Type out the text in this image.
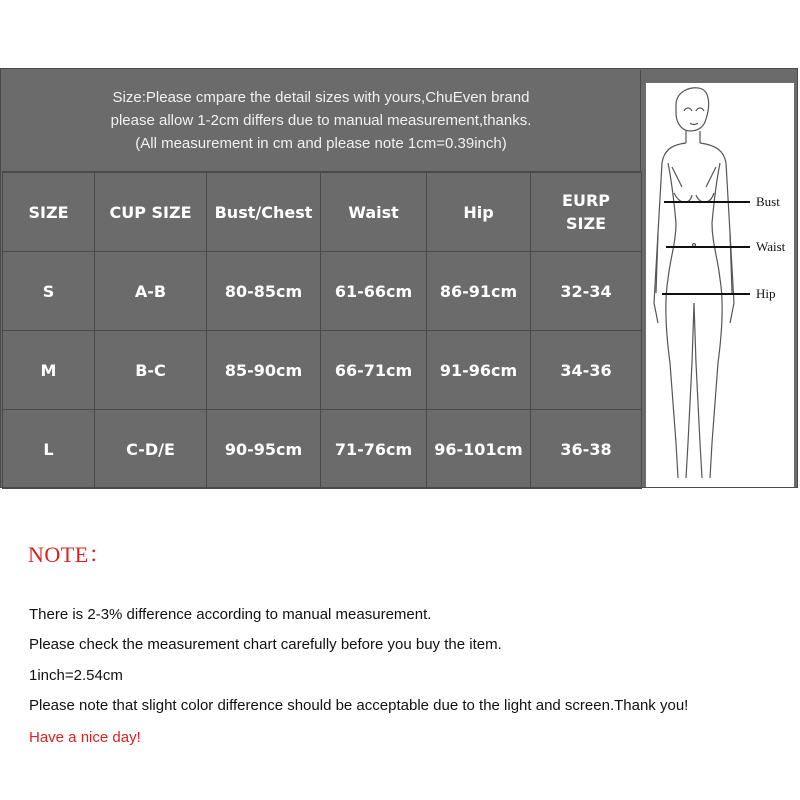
Size:Please cmpare the detail sizes with yours,ChuEven brand
please allow 1-2cm differs due to manual measurement,thanks.
(All measurement in cm and please note 1cm=0.39inch)
SIZE	CUP SIZE	Bust/Chest	Waist	Hip	EURP
SIZE

S	A-B	80-85cm	61-66cm	86-91cm	32-34
M	B-C	85-90cm	66-71cm	91-96cm	34-36
L	C-D/E	90-95cm	71-76cm	96-101cm	36-38
Bust
Waist
Hip
NOTE：
There is 2-3% difference according to manual measurement.
Please check the measurement chart carefully before you buy the item.
1inch=2.54cm
Please note that slight color difference should be acceptable due to the light and screen.Thank you!
Have a nice day!
